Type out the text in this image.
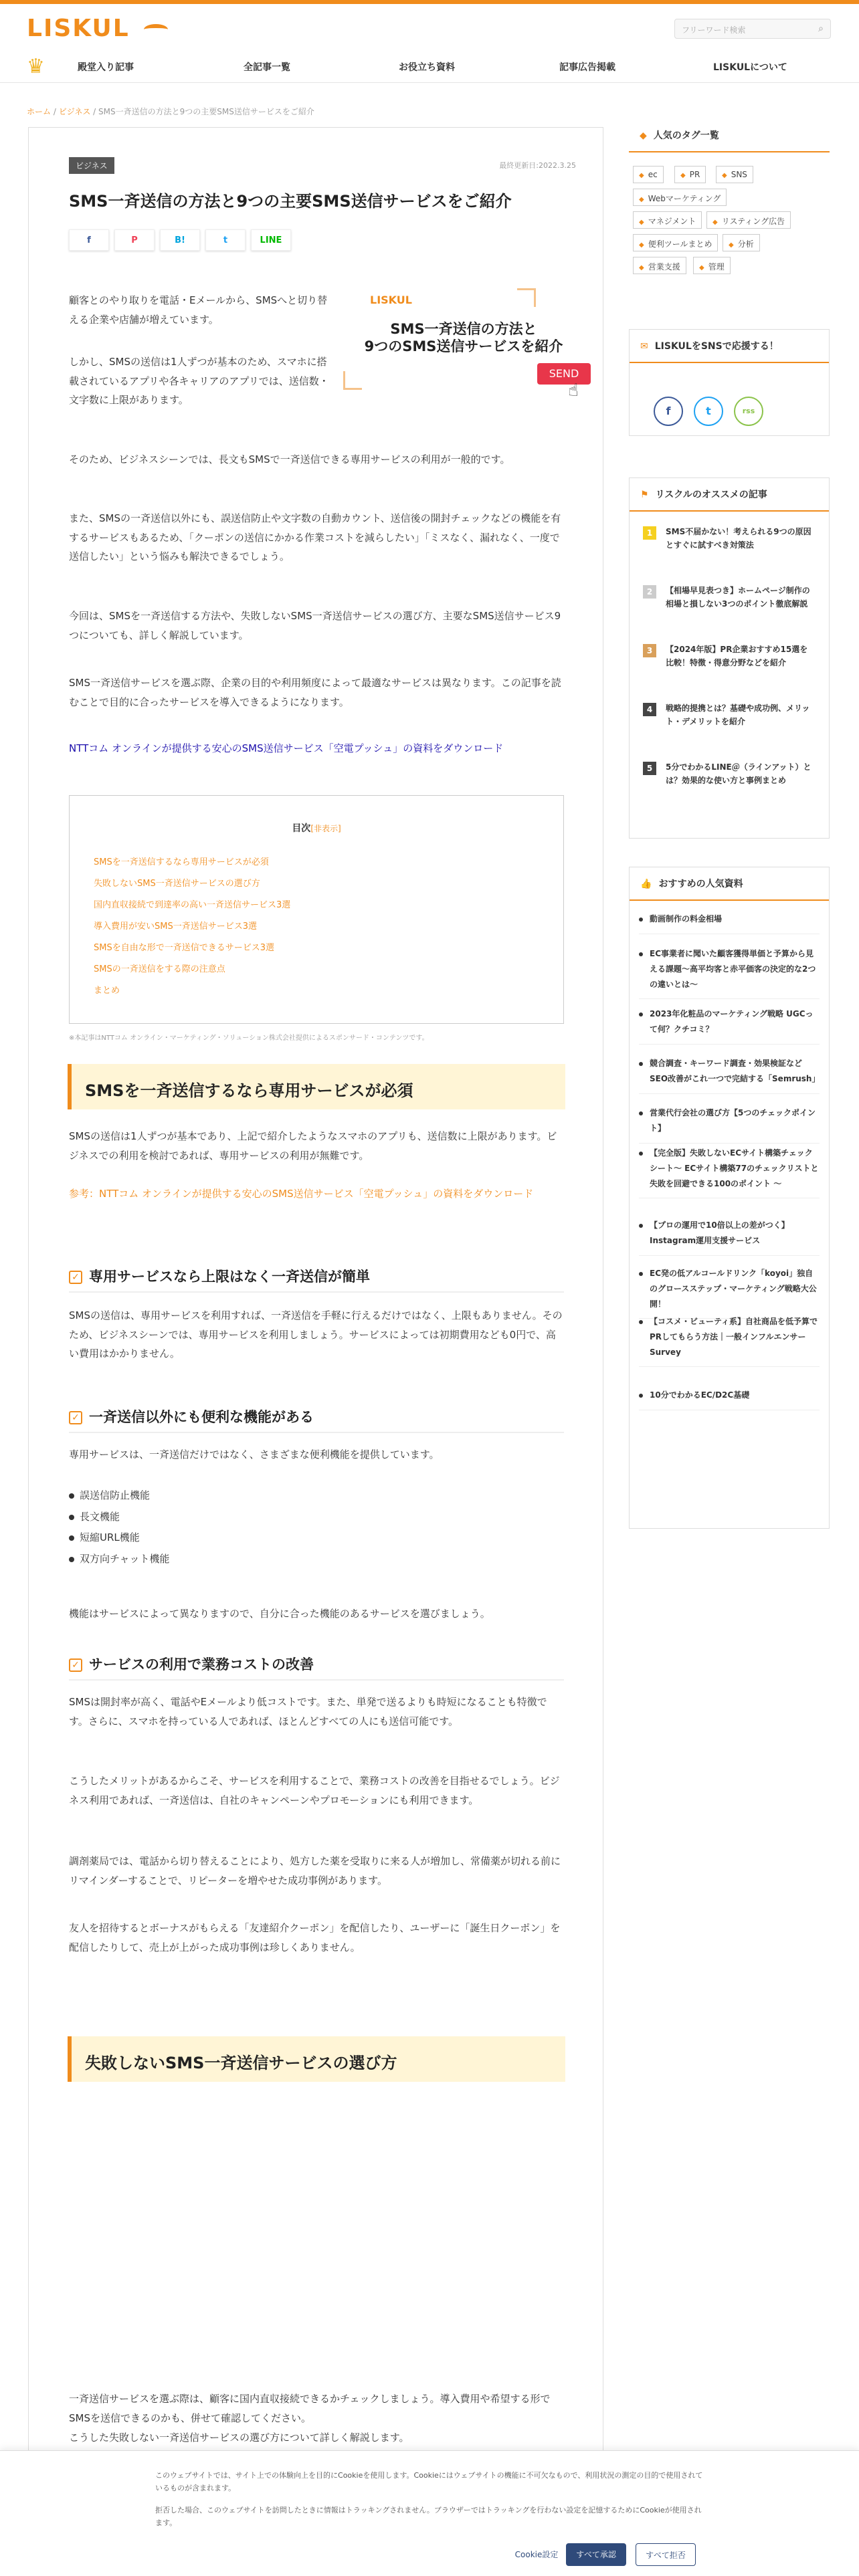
LISKUL	フリーワード検索	⌕
♛	殿堂入り記事	全記事一覧	お役立ち資料	記事広告掲載	LISKULについて
ホーム / ビジネス / SMS一斉送信の方法と9つの主要SMS送信サービスをご紹介
ビジネス	最終更新日:2022.3.25
SMS一斉送信の方法と9つの主要SMS送信サービスをご紹介
f	P	B!	t	LINE
LISKUL
SMS一斉送信の方法と
9つのSMS送信サービスを紹介
SEND
☝

顧客とのやり取りを電話・Eメールから、SMSへと切り替える企業や店舗が増えています。

しかし、SMSの送信は1人ずつが基本のため、スマホに搭載されているアプリや各キャリアのアプリでは、送信数・文字数に上限があります。

そのため、ビジネスシーンでは、長文もSMSで一斉送信できる専用サービスの利用が一般的です。

また、SMSの一斉送信以外にも、誤送信防止や文字数の自動カウント、送信後の開封チェックなどの機能を有するサービスもあるため、「クーポンの送信にかかる作業コストを減らしたい」「ミスなく、漏れなく、一度で送信したい」という悩みも解決できるでしょう。

今回は、SMSを一斉送信する方法や、失敗しないSMS一斉送信サービスの選び方、主要なSMS送信サービス9つについても、詳しく解説しています。

SMS一斉送信サービスを選ぶ際、企業の目的や利用頻度によって最適なサービスは異なります。この記事を読むことで目的に合ったサービスを導入できるようになります。

NTTコム オンラインが提供する安心のSMS送信サービス「空電プッシュ」の資料をダウンロード
目次[非表示]
SMSを一斉送信するなら専用サービスが必須
失敗しないSMS一斉送信サービスの選び方
国内直収接続で到達率の高い一斉送信サービス3選
導入費用が安いSMS一斉送信サービス3選
SMSを自由な形で一斉送信できるサービス3選
SMSの一斉送信をする際の注意点
まとめ
※本記事はNTTコム オンライン・マーケティング・ソリューション株式会社提供によるスポンサード・コンテンツです。
SMSを一斉送信するなら専用サービスが必須

SMSの送信は1人ずつが基本であり、上記で紹介したようなスマホのアプリも、送信数に上限があります。ビジネスでの利用を検討であれば、専用サービスの利用が無難です。

参考：NTTコム オンラインが提供する安心のSMS送信サービス「空電プッシュ」の資料をダウンロード
✓ 専用サービスなら上限はなく一斉送信が簡単

SMSの送信は、専用サービスを利用すれば、一斉送信を手軽に行えるだけではなく、上限もありません。そのため、ビジネスシーンでは、専用サービスを利用しましょう。サービスによっては初期費用なども0円で、高い費用はかかりません。

✓ 一斉送信以外にも便利な機能がある

専用サービスは、一斉送信だけではなく、さまざまな便利機能を提供しています。

誤送信防止機能
長文機能
短縮URL機能
双方向チャット機能

機能はサービスによって異なりますので、自分に合った機能のあるサービスを選びましょう。

✓ サービスの利用で業務コストの改善

SMSは開封率が高く、電話やEメールより低コストです。また、単発で送るよりも時短になることも特徴です。さらに、スマホを持っている人であれば、ほとんどすべての人にも送信可能です。

こうしたメリットがあるからこそ、サービスを利用することで、業務コストの改善を目指せるでしょう。ビジネス利用であれば、一斉送信は、自社のキャンペーンやプロモーションにも利用できます。

調剤薬局では、電話から切り替えることにより、処方した薬を受取りに来る人が増加し、常備薬が切れる前にリマインダーすることで、リピーターを増やせた成功事例があります。

友人を招待するとボーナスがもらえる「友達紹介クーポン」を配信したり、ユーザーに「誕生日クーポン」を配信したりして、売上が上がった成功事例は珍しくありません。

失敗しないSMS一斉送信サービスの選び方

一斉送信サービスを選ぶ際は、顧客に国内直収接続できるかチェックしましょう。導入費用や希望する形でSMSを送信できるのかも、併せて確認してください。

こうした失敗しない一斉送信サービスの選び方について詳しく解説します。

◆ 人気のタグ一覧
◆ ec	◆ PR	◆ SNS
◆ Webマーケティング
◆ マネジメント	◆ リスティング広告
◆ 便利ツールまとめ	◆ 分析
◆ 営業支援	◆ 管理
✉ LISKULをSNSで応援する！
f	t	rss
⚑ リスクルのオススメの記事
1	SMS不届かない！考えられる9つの原因とすぐに試すべき対策法
2	【相場早見表つき】ホームページ制作の相場と損しない3つのポイント徹底解説
3	【2024年版】PR企業おすすめ15選を比較！特徴・得意分野などを紹介
4	戦略的提携とは？基礎や成功例、メリット・デメリットを紹介
5	5分でわかるLINE＠（ラインアット）とは？効果的な使い方と事例まとめ
👍 おすすめの人気資料
動画制作の料金相場
EC事業者に聞いた顧客獲得単価と予算から見える課題〜高平均客と赤平価客の決定的な2つの違いとは〜
2023年化粧品のマーケティング戦略 UGCって何？クチコミ？
競合調査・キーワード調査・効果検証などSEO改善がこれ一つで完結する「Semrush」
営業代行会社の選び方【5つのチェックポイント】
【完全版】失敗しないECサイト構築チェックシート〜 ECサイト構築77のチェックリストと失敗を回避できる100のポイント 〜
【プロの運用で10倍以上の差がつく】Instagram運用支援サービス
EC発の低アルコールドリンク「koyoi」独自のグロースステップ・マーケティング戦略大公開！
【コスメ・ビューティ系】自社商品を低予算でPRしてもらう方法｜一般インフルエンサーSurvey
10分でわかるEC/D2C基礎

このウェブサイトでは、サイト上での体験向上を目的にCookieを使用します。Cookieにはウェブサイトの機能に不可欠なもので、利用状況の測定の目的で使用されているものが含まれます。

拒否した場合、このウェブサイトを訪問したときに情報はトラッキングされません。ブラウザーではトラッキングを行わない設定を記憶するためにCookieが使用されます。

Cookie設定	すべて承認	すべて拒否
